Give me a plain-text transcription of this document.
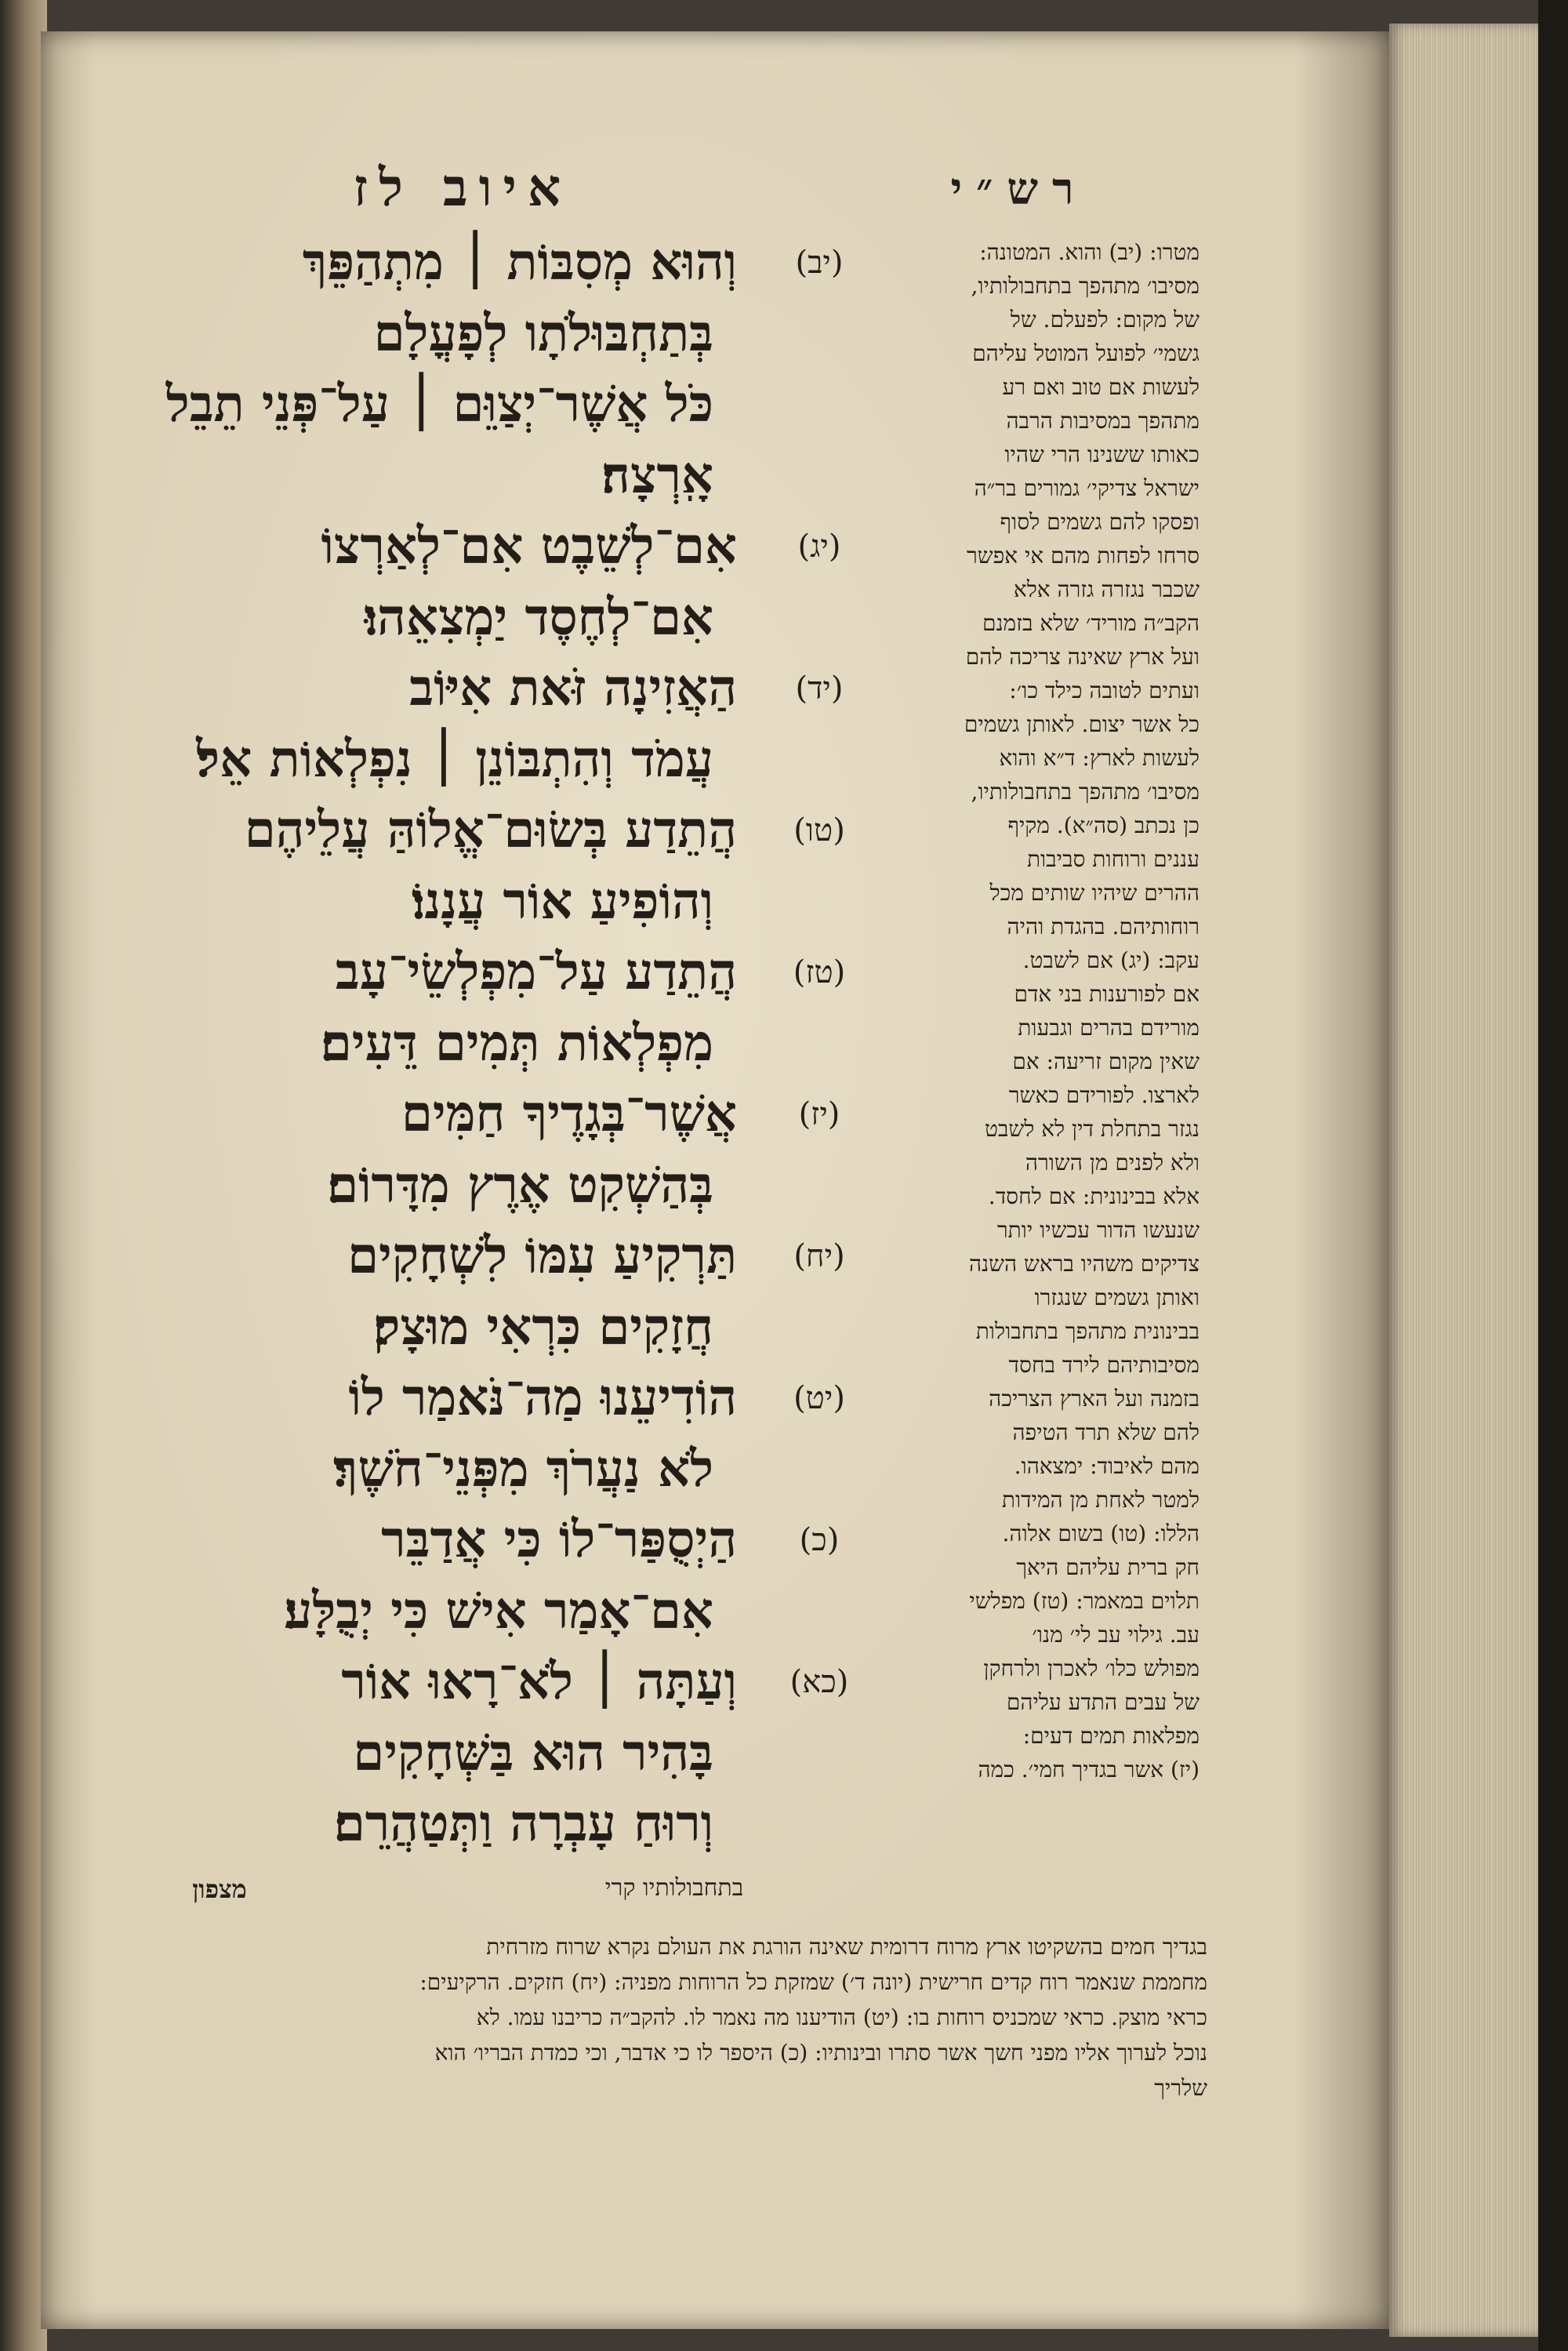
איוב לז	רש״י
וְהוּא מְסִבּוֹת ׀ מִתְהַפֵּךְ	(יב)
בְּתַחְבּוּלֹתָו לְפָעֳלָם
כֹּל אֲשֶׁר־יְצַוֵּם ׀ עַל־פְּנֵי תֵבֵל
אָֽרְצָה׃
אִם־לְשֵׁבֶט אִם־לְאַרְצוֹ	(יג)
אִם־לְחֶסֶד יַמְצִאֵהוּ׃
הַאֲזִינָה זֹּאת אִיּוֹב	(יד)
עֲמֹד וְהִתְבּוֹנֵן ׀ נִפְלְאוֹת אֵל׃
הֲתֵדַע בְּשׂוּם־אֱלוֹהַּ עֲלֵיהֶם	(טו)
וְהוֹפִיעַ אוֹר עֲנָנוֹ׃
הֲתֵדַע עַל־מִפְלְשֵׂי־עָב	(טז)
מִפְלְאוֹת תְּמִים דֵּעִים׃
אֲשֶׁר־בְּגָדֶיךָ חַמִּים	(יז)
בְּהַשְׁקִט אֶרֶץ מִדָּרוֹם׃
תַּרְקִיעַ עִמּוֹ לִשְׁחָקִים	(יח)
חֲזָקִים כִּרְאִי מוּצָק׃
הוֹדִיעֵנוּ מַה־נֹּאמַר לוֹ	(יט)
לֹא נַעֲרֹךְ מִפְּנֵי־חֹשֶׁךְ׃
הַיְסֻפַּר־לוֹ כִּי אֲדַבֵּר	(כ)
אִם־אָמַר אִישׁ כִּי יְבֻלָּע׃
וְעַתָּה ׀ לֹא־רָאוּ אוֹר	(כא)
בָּהִיר הוּא בַּשְּׁחָקִים
וְרוּחַ עָבְרָה וַתְּטַהֲרֵם׃
מטרו: (יב) והוא. המטונה:
מסיבו׳ מתהפך בתחבולותיו,
של מקום: לפעלם. של
גשמי׳ לפועל המוטל עליהם
לעשות אם טוב ואם רע
מתהפך במסיבות הרבה
כאותו ששנינו הרי שהיו
ישראל צדיקי׳ גמורים בר״ה
ופסקו להם גשמים לסוף
סרחו לפחות מהם אי אפשר
שכבר נגזרה גזרה אלא
הקב״ה מוריד׳ שלא בזמנם
ועל ארץ שאינה צריכה להם
ועתים לטובה כילד כו׳:
כל אשר יצום. לאותן גשמים
לעשות לארץ: ד״א והוא
מסיבו׳ מתהפך בתחבולותיו,
כן נכתב (סה״א). מקיף
עננים ורוחות סביבות
ההרים שיהיו שותים מכל
רוחותיהם. בהגדת והיה
עקב: (יג) אם לשבט.
אם לפורענות בני אדם
מורידם בהרים וגבעות
שאין מקום זריעה: אם
לארצו. לפורידם כאשר
נגזר בתחלת דין לא לשבט
ולא לפנים מן השורה
אלא בבינונית: אם לחסד.
שנעשו הדור עכשיו יותר
צדיקים משהיו בראש השנה
ואותן גשמים שנגזרו
בבינונית מתהפך בתחבולות
מסיבותיהם לירד בחסד
בזמנה ועל הארץ הצריכה
להם שלא תרד הטיפה
מהם לאיבוד: ימצאהו.
למטר לאחת מן המידות
הללו: (טו) בשום אלוה.
חק ברית עליהם היאך
תלוים במאמר: (טז) מפלשי
עב. גילוי עב לי׳ מנו׳
מפולש כלו׳ לאכרן ולרחקן
של עבים התדע עליהם
מפלאות תמים דעים:
(יז) אשר בגדיך חמי׳. כמה
בתחבולותיו קרי
מצפון
בגדיך חמים בהשקיטו ארץ מרוח דרומית שאינה הורגת את העולם נקרא שרוח מזרחית
מחממת שנאמר רוח קדים חרישית (יונה ד׳) שמזקת כל הרוחות מפניה: (יח) חזקים. הרקיעים:
כראי מוצק. כראי שמכניס רוחות בו: (יט) הודיענו מה נאמר לו. להקב״ה כריבנו עמו. לא
נוכל לערוך אליו מפני חשך אשר סתרו ובינותיו: (כ) היספר לו כי אדבר, וכי כמדת הבריו׳ הוא
שלריך
